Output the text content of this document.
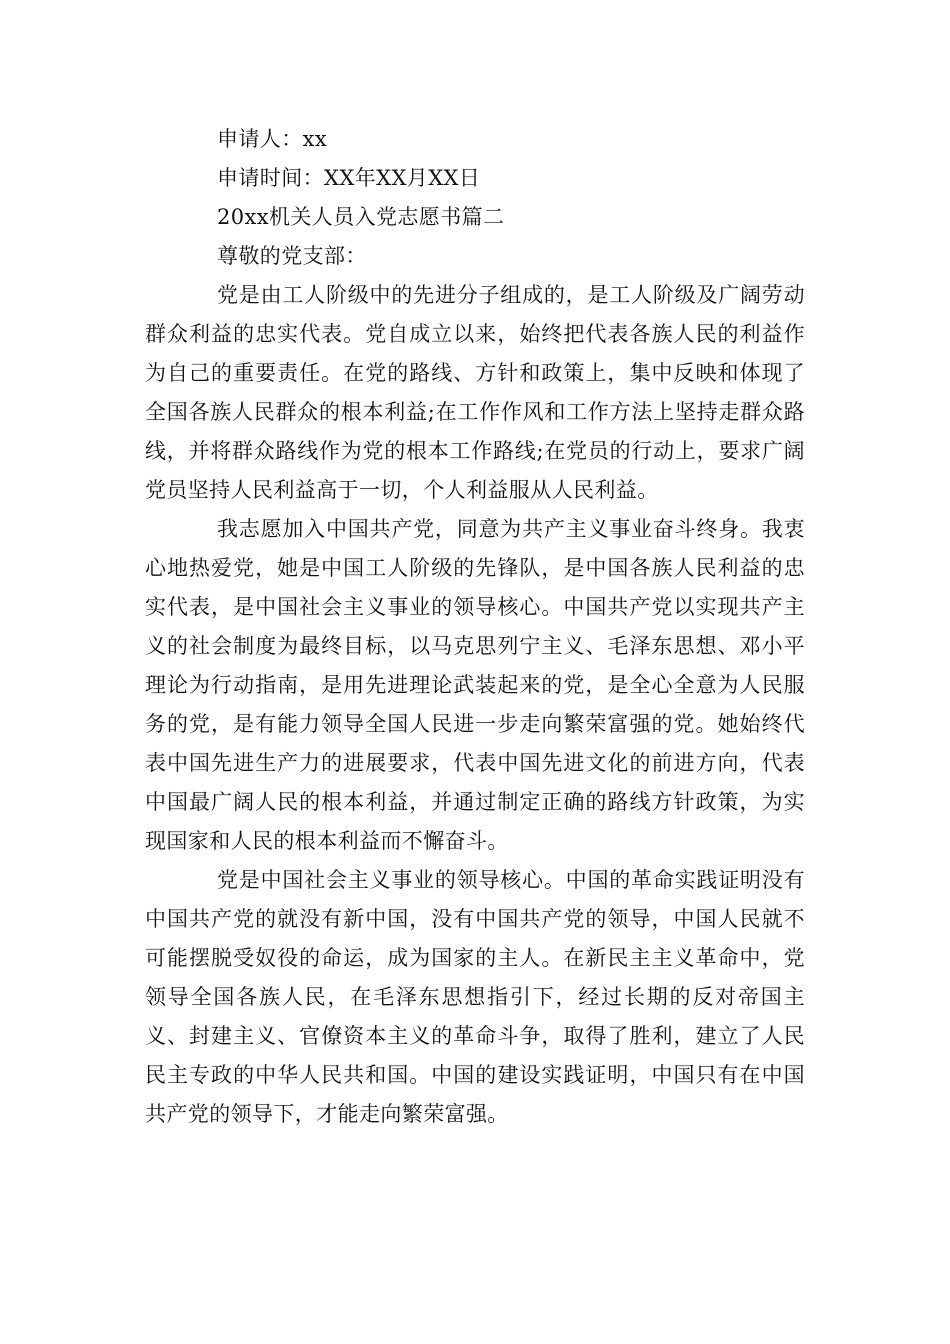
申请人：xx

申请时间：XX年XX月XX日

20xx机关人员入党志愿书篇二

尊敬的党支部：

党是由工人阶级中的先进分子组成的，是工人阶级及广阔劳动群众利益的忠实代表。党自成立以来，始终把代表各族人民的利益作为自己的重要责任。在党的路线、方针和政策上，集中反映和体现了全国各族人民群众的根本利益;在工作作风和工作方法上坚持走群众路线，并将群众路线作为党的根本工作路线;在党员的行动上，要求广阔党员坚持人民利益高于一切，个人利益服从人民利益。

我志愿加入中国共产党，同意为共产主义事业奋斗终身。我衷心地热爱党，她是中国工人阶级的先锋队，是中国各族人民利益的忠实代表，是中国社会主义事业的领导核心。中国共产党以实现共产主义的社会制度为最终目标，以马克思列宁主义、毛泽东思想、邓小平理论为行动指南，是用先进理论武装起来的党，是全心全意为人民服务的党，是有能力领导全国人民进一步走向繁荣富强的党。她始终代表中国先进生产力的进展要求，代表中国先进文化的前进方向，代表中国最广阔人民的根本利益，并通过制定正确的路线方针政策，为实现国家和人民的根本利益而不懈奋斗。

党是中国社会主义事业的领导核心。中国的革命实践证明没有中国共产党的就没有新中国，没有中国共产党的领导，中国人民就不可能摆脱受奴役的命运，成为国家的主人。在新民主主义革命中，党领导全国各族人民，在毛泽东思想指引下，经过长期的反对帝国主义、封建主义、官僚资本主义的革命斗争，取得了胜利，建立了人民民主专政的中华人民共和国。中国的建设实践证明，中国只有在中国共产党的领导下，才能走向繁荣富强。
